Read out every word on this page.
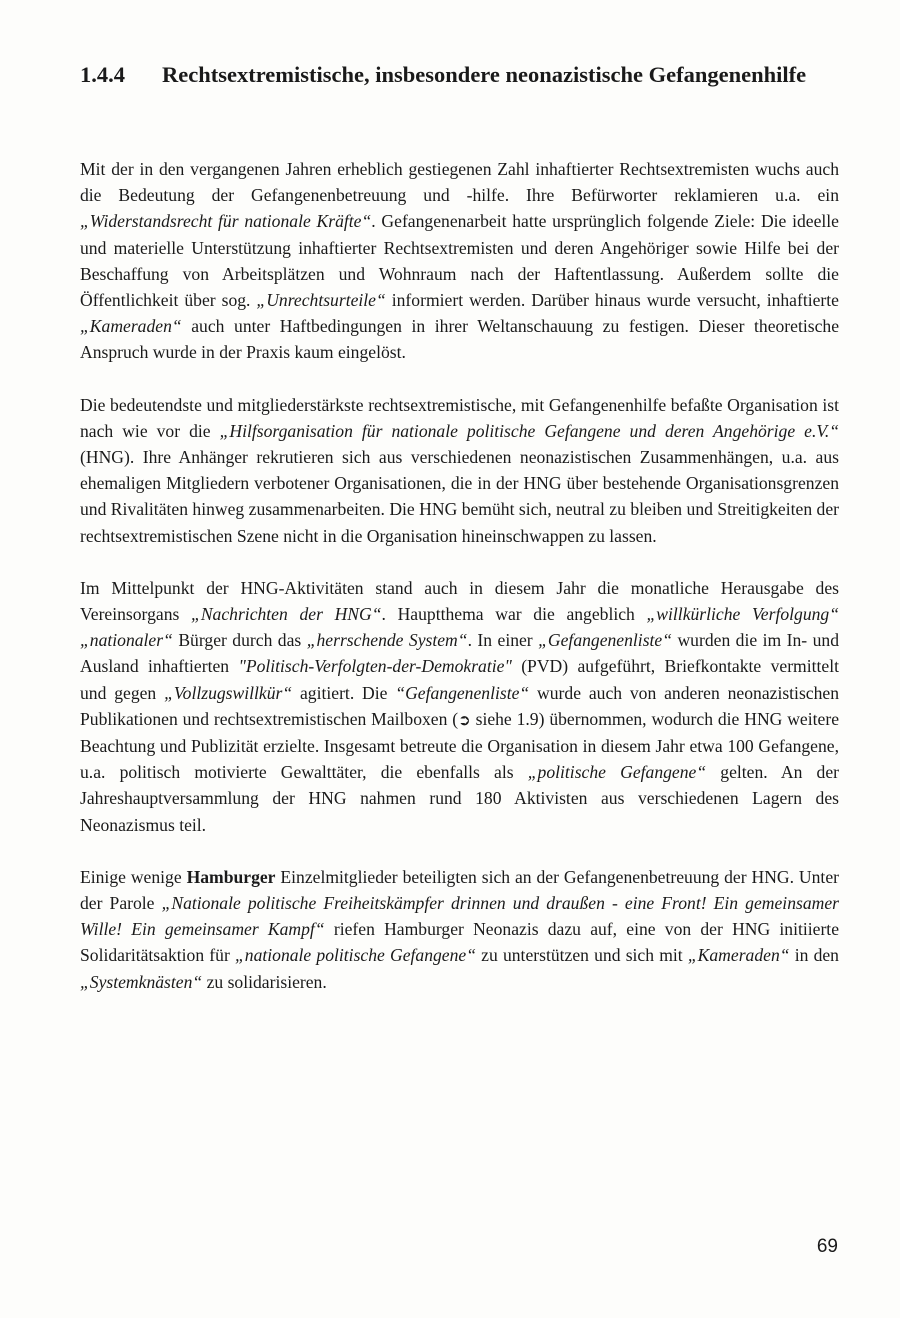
1.4.4	Rechtsextremistische, insbesondere neonazistische Gefangenenhilfe

Mit der in den vergangenen Jahren erheblich gestiegenen Zahl inhaftierter Rechtsextremisten wuchs auch die Bedeutung der Gefangenenbetreuung und -hilfe. Ihre Befürworter reklamieren u.a. ein „Widerstandsrecht für nationale Kräfte“. Gefangenenarbeit hatte ursprünglich folgende Ziele: Die ideelle und materielle Unterstützung inhaftierter Rechtsextremisten und deren Angehöriger sowie Hilfe bei der Beschaffung von Arbeitsplätzen und Wohnraum nach der Haftentlassung. Außerdem sollte die Öffentlichkeit über sog. „Unrechtsurteile“ informiert werden. Darüber hinaus wurde versucht, inhaftierte „Kameraden“ auch unter Haftbedingungen in ihrer Weltanschauung zu festigen. Dieser theoretische Anspruch wurde in der Praxis kaum eingelöst.

Die bedeutendste und mitgliederstärkste rechtsextremistische, mit Gefangenenhilfe befaßte Organisation ist nach wie vor die „Hilfsorganisation für nationale politische Gefangene und deren Angehörige e.V.“ (HNG). Ihre Anhänger rekrutieren sich aus verschiedenen neonazistischen Zusammenhängen, u.a. aus ehemaligen Mitgliedern verbotener Organisationen, die in der HNG über bestehende Organisationsgrenzen und Rivalitäten hinweg zusammenarbeiten. Die HNG bemüht sich, neutral zu bleiben und Streitigkeiten der rechtsextremistischen Szene nicht in die Organisation hineinschwappen zu lassen.

Im Mittelpunkt der HNG-Aktivitäten stand auch in diesem Jahr die monatliche Herausgabe des Vereinsorgans „Nachrichten der HNG“. Hauptthema war die angeblich „willkürliche Verfolgung“ „nationaler“ Bürger durch das „herrschende System“. In einer „Gefangenenliste“ wurden die im In- und Ausland inhaftierten "Politisch-Verfolgten-der-Demokratie" (PVD) aufgeführt, Briefkontakte vermittelt und gegen „Vollzugswillkür“ agitiert. Die “Gefangenenliste“ wurde auch von anderen neonazistischen Publikationen und rechtsextremistischen Mailboxen (➲ siehe 1.9) übernommen, wodurch die HNG weitere Beachtung und Publizität erzielte. Insgesamt betreute die Organisation in diesem Jahr etwa 100 Gefangene, u.a. politisch motivierte Gewalttäter, die ebenfalls als „politische Gefangene“ gelten. An der Jahreshauptversammlung der HNG nahmen rund 180 Aktivisten aus verschiedenen Lagern des Neonazismus teil.

Einige wenige Hamburger Einzelmitglieder beteiligten sich an der Gefangenenbetreuung der HNG. Unter der Parole „Nationale politische Freiheitskämpfer drinnen und draußen - eine Front! Ein gemeinsamer Wille! Ein gemeinsamer Kampf“ riefen Hamburger Neonazis dazu auf, eine von der HNG initiierte Solidaritätsaktion für „nationale politische Gefangene“ zu unterstützen und sich mit „Kameraden“ in den „Systemknästen“ zu solidarisieren.

69
